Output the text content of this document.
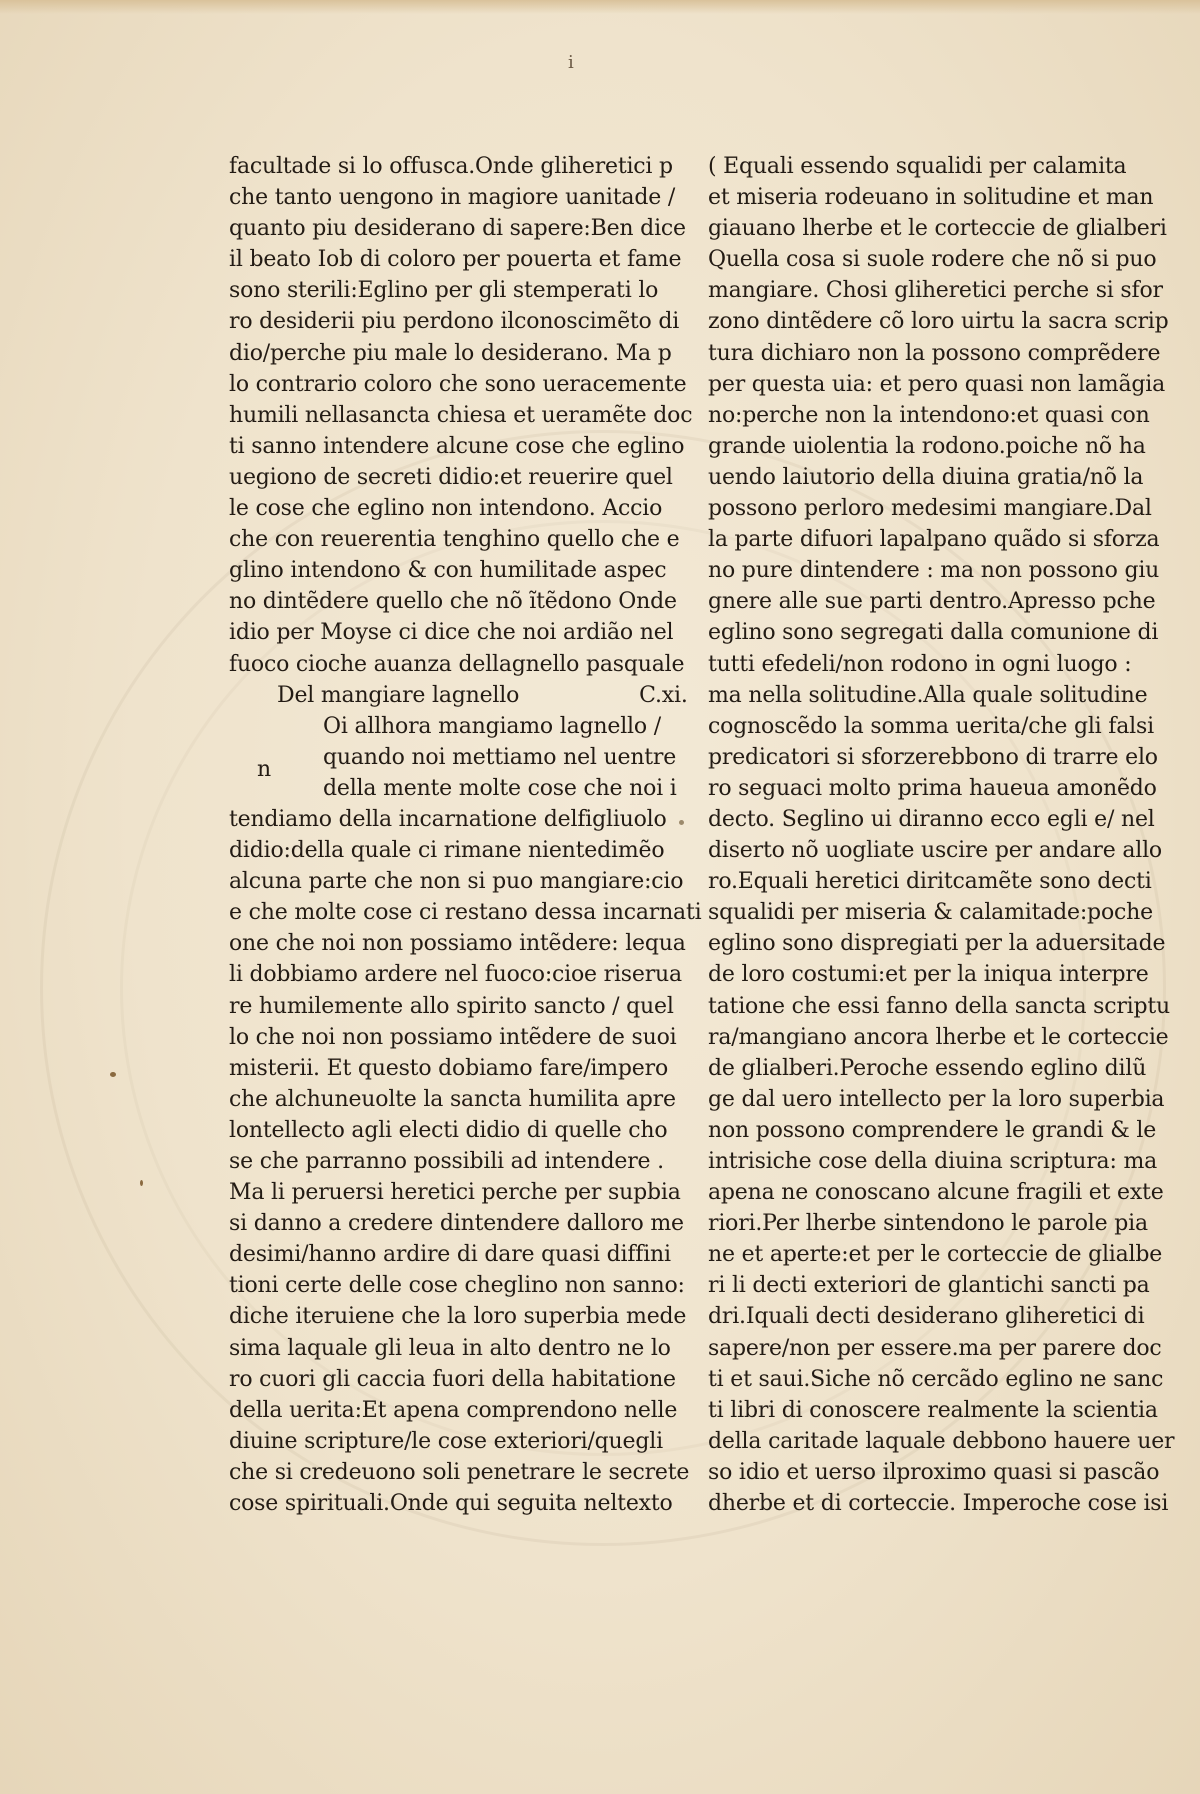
i
facultade si lo offusca.Onde gliheretici p
che tanto uengono in magiore uanitade /
quanto piu desiderano di sapere:Ben dice
il beato Iob di coloro per pouerta et fame
sono sterili:Eglino per gli stemperati lo
ro desiderii piu perdono ilconoscimẽto di
dio/perche piu male lo desiderano. Ma p
lo contrario coloro che sono ueracemente
humili nellasancta chiesa et ueramẽte doc
ti sanno intendere alcune cose che eglino
uegiono de secreti didio:et reuerire quel
le cose che eglino non intendono. Accio
che con reuerentia tenghino quello che e
glino intendono & con humilitade aspec
no dintẽdere quello che nõ ĩtẽdono Onde
idio per Moyse ci dice che noi ardião nel
fuoco cioche auanza dellagnello pasquale
Del mangiare lagnello	C.xi.
Oi allhora mangiamo lagnello /
quando noi mettiamo nel uentre
della mente molte cose che noi i
tendiamo della incarnatione delfigliuolo
didio:della quale ci rimane nientedimẽo
alcuna parte che non si puo mangiare:cio
e che molte cose ci restano dessa incarnati
one che noi non possiamo intẽdere: lequa
li dobbiamo ardere nel fuoco:cioe riserua
re humilemente allo spirito sancto / quel
lo che noi non possiamo intẽdere de suoi
misterii. Et questo dobiamo fare/impero
che alchuneuolte la sancta humilita apre
lontellecto agli electi didio di quelle cho
se che parranno possibili ad intendere .
Ma li peruersi heretici perche per supbia
si danno a credere dintendere dalloro me
desimi/hanno ardire di dare quasi diffini
tioni certe delle cose cheglino non sanno:
diche iteruiene che la loro superbia mede
sima laquale gli leua in alto dentro ne lo
ro cuori gli caccia fuori della habitatione
della uerita:Et apena comprendono nelle
diuine scripture/le cose exteriori/quegli
che si credeuono soli penetrare le secrete
cose spirituali.Onde qui seguita neltexto
n
( Equali essendo squalidi per calamita
et miseria rodeuano in solitudine et man
giauano lherbe et le corteccie de glialberi
Quella cosa si suole rodere che nõ si puo
mangiare. Chosi gliheretici perche si sfor
zono dintẽdere cõ loro uirtu la sacra scrip
tura dichiaro non la possono comprẽdere
per questa uia: et pero quasi non lamãgia
no:perche non la intendono:et quasi con
grande uiolentia la rodono.poiche nõ ha
uendo laiutorio della diuina gratia/nõ la
possono perloro medesimi mangiare.Dal
la parte difuori lapalpano quãdo si sforza
no pure dintendere : ma non possono giu
gnere alle sue parti dentro.Apresso pche
eglino sono segregati dalla comunione di
tutti efedeli/non rodono in ogni luogo :
ma nella solitudine.Alla quale solitudine
cognoscẽdo la somma uerita/che gli falsi
predicatori si sforzerebbono di trarre elo
ro seguaci molto prima haueua amonẽdo
decto. Seglino ui diranno ecco egli e/ nel
diserto nõ uogliate uscire per andare allo
ro.Equali heretici diritcamẽte sono decti
squalidi per miseria & calamitade:poche
eglino sono dispregiati per la aduersitade
de loro costumi:et per la iniqua interpre
tatione che essi fanno della sancta scriptu
ra/mangiano ancora lherbe et le corteccie
de glialberi.Peroche essendo eglino dilũ
ge dal uero intellecto per la loro superbia
non possono comprendere le grandi & le
intrisiche cose della diuina scriptura: ma
apena ne conoscano alcune fragili et exte
riori.Per lherbe sintendono le parole pia
ne et aperte:et per le corteccie de glialbe
ri li decti exteriori de glantichi sancti pa
dri.Iquali decti desiderano gliheretici di
sapere/non per essere.ma per parere doc
ti et saui.Siche nõ cercãdo eglino ne sanc
ti libri di conoscere realmente la scientia
della caritade laquale debbono hauere uer
so idio et uerso ilproximo quasi si pascão
dherbe et di corteccie. Imperoche cose isi
